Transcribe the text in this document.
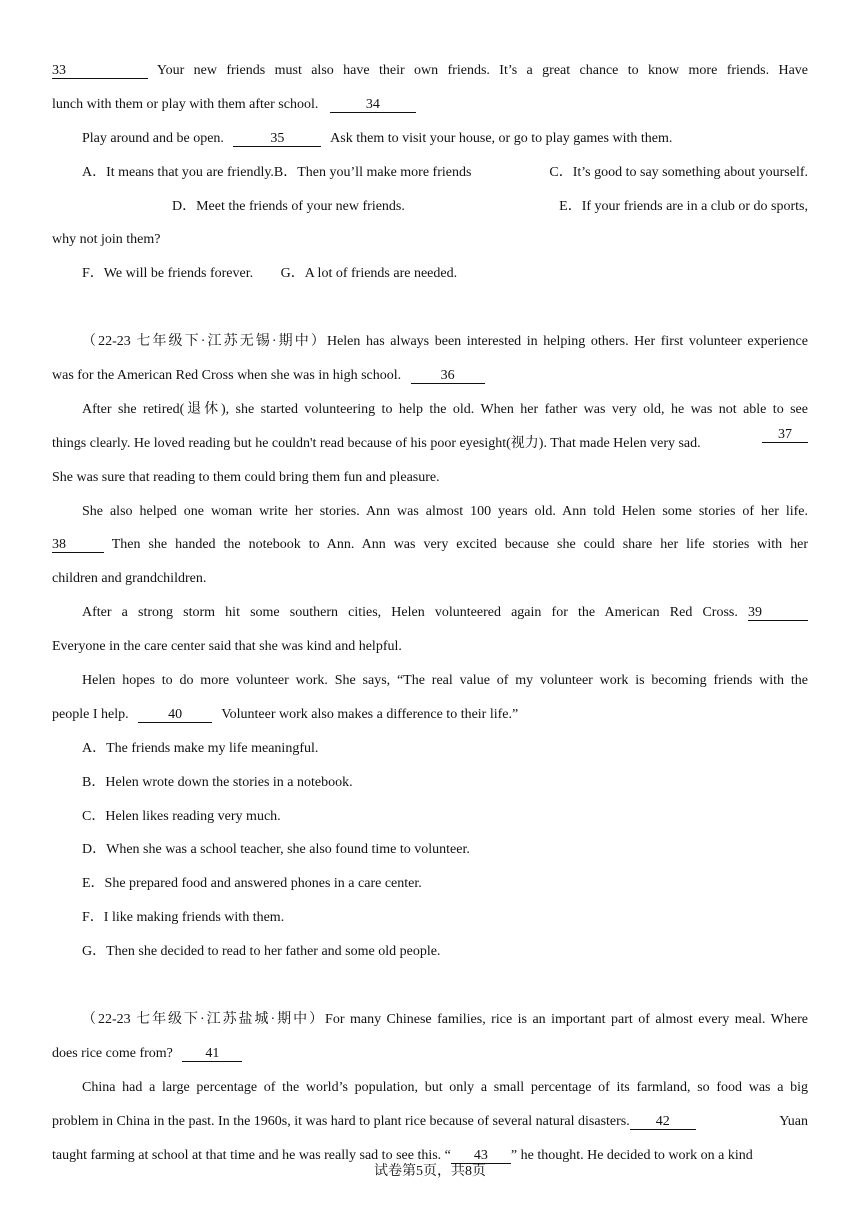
33	Your new friends must also have their own friends. It’s a great chance to know more friends. Have
lunch with them or play with them after school.	34
Play around and be open.	35	Ask them to visit your house, or go to play games with them.
A．It means that you are friendly. B．Then you’ll make more friends	C．It’s good to say something about yourself.
D．Meet the friends of your new friends.	E．If your friends are in a club or do sports,
why not join them?
F．We will be friends forever. G．A lot of friends are needed.
（22-23 七年级下·江苏无锡·期中）Helen has always been interested in helping others. Her first volunteer experience
was for the American Red Cross when she was in high school.	36
After she retired(退休), she started volunteering to help the old. When her father was very old, he was not able to see
things clearly. He loved reading but he couldn't read because of his poor eyesight(视力). That made Helen very sad.
37
She was sure that reading to them could bring them fun and pleasure.
She also helped one woman write her stories. Ann was almost 100 years old. Ann told Helen some stories of her life.
38	Then she handed the notebook to Ann. Ann was very excited because she could share her life stories with her
children and grandchildren.
After a strong storm hit some southern cities, Helen volunteered again for the American Red Cross. 39
Everyone in the care center said that she was kind and helpful.
Helen hopes to do more volunteer work. She says, “The real value of my volunteer work is becoming friends with the
people I help.	40	Volunteer work also makes a difference to their life.”
A．The friends make my life meaningful.
B．Helen wrote down the stories in a notebook.
C．Helen likes reading very much.
D．When she was a school teacher, she also found time to volunteer.
E．She prepared food and answered phones in a care center.
F．I like making friends with them.
G．Then she decided to read to her father and some old people.
（22-23 七年级下·江苏盐城·期中）For many Chinese families, rice is an important part of almost every meal. Where
does rice come from? 41
China had a large percentage of the world’s population, but only a small percentage of its farmland, so food was a big
problem in China in the past. In the 1960s, it was hard to plant rice because of several natural disasters. 42	Yuan
taught farming at school at that time and he was really sad to see this. “ 43 ” he thought. He decided to work on a kind
试卷第5页，共8页
